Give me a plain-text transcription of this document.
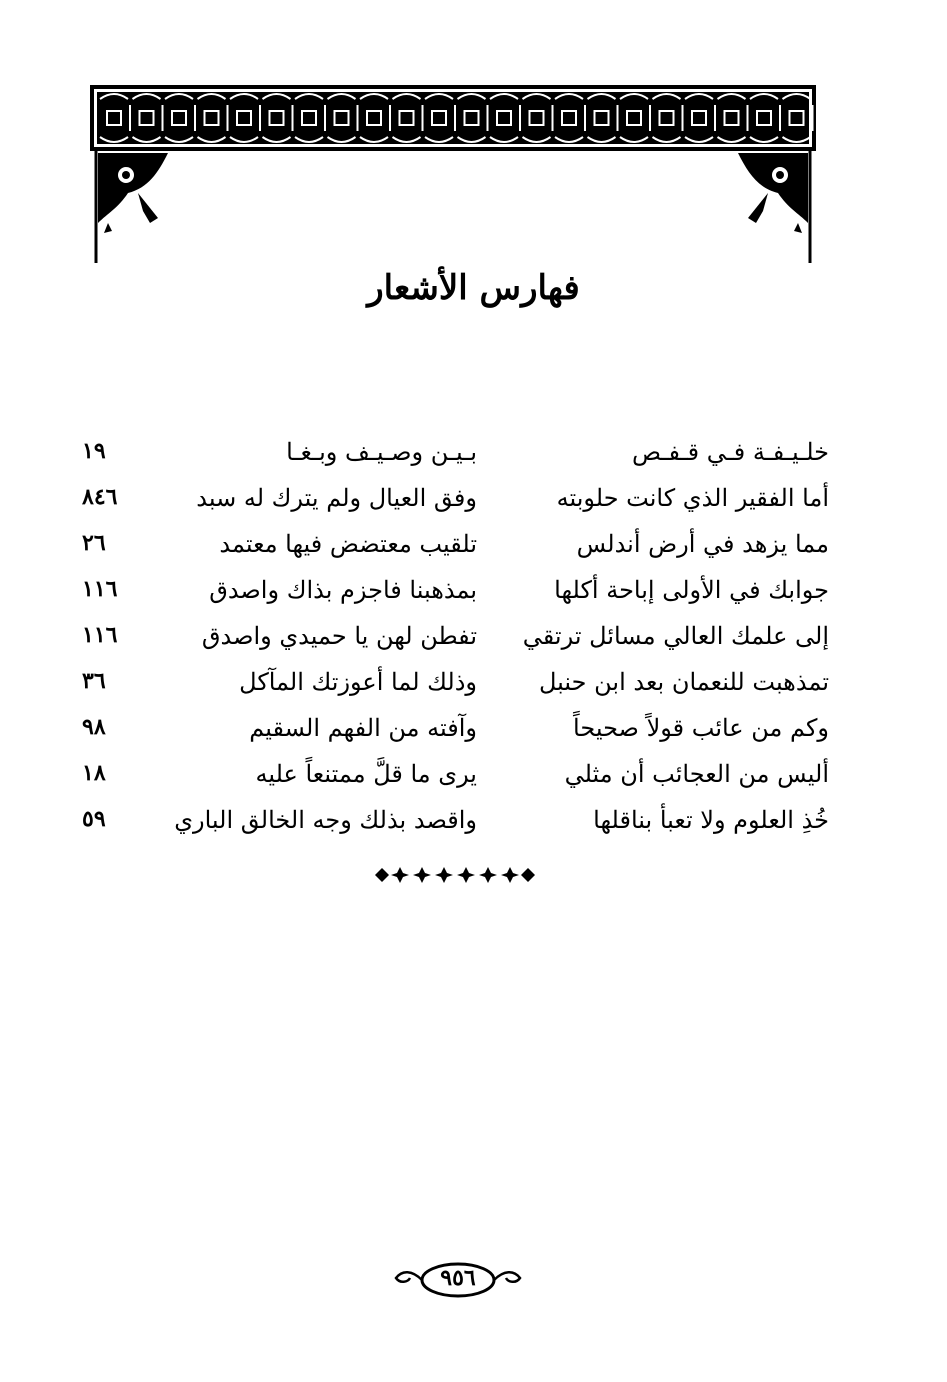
فهارس الأشعار
خلـيـفـة فـي قـفـص
بـيـن وصـيـف وبـغـا
١٩
أما الفقير الذي كانت حلوبته
وفق العيال ولم يترك له سبد
٨٤٦
مما يزهد في أرض أندلس
تلقيب معتضض فيها معتمد
٢٦
جوابك في الأولى إباحة أكلها
بمذهبنا فاجزم بذاك واصدق
١١٦
إلى علمك العالي مسائل ترتقي
تفطن لهن يا حميدي واصدق
١١٦
تمذهبت للنعمان بعد ابن حنبل
وذلك لما أعوزتك المآكل
٣٦
وكم من عائب قولاً صحيحاً
وآفته من الفهم السقيم
٩٨
أليس من العجائب أن مثلي
يرى ما قلَّ ممتنعاً عليه
١٨
خُذِ العلوم ولا تعبأ بناقلها
واقصد بذلك وجه الخالق الباري
٥٩
٩٥٦
